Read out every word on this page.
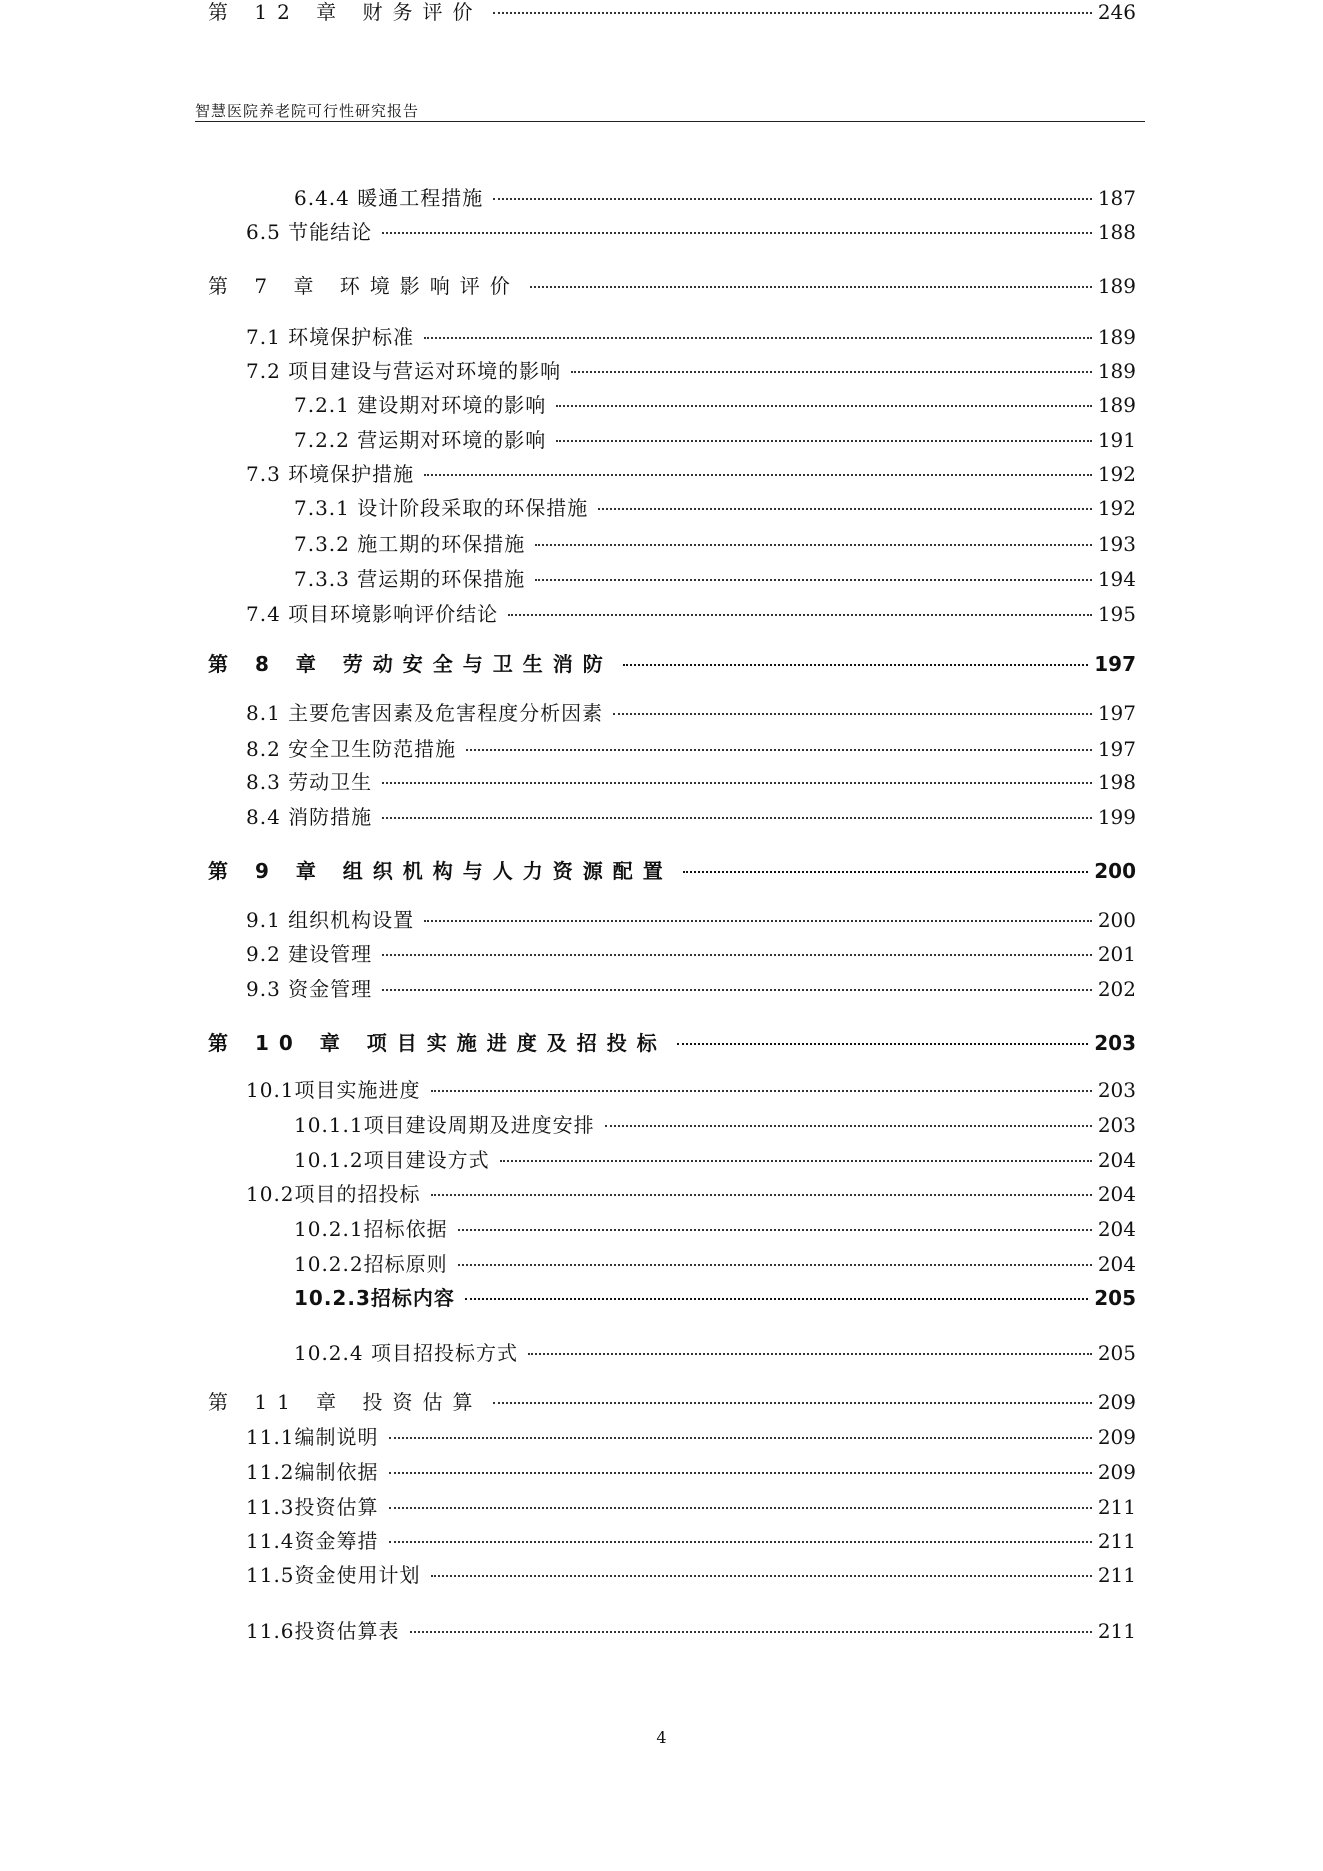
智慧医院养老院可行性研究报告
6.4.4 暖通工程措施	187
6.5 节能结论	188
第 7 章 环境影响评价	189
7.1 环境保护标准	189
7.2 项目建设与营运对环境的影响	189
7.2.1 建设期对环境的影响	189
7.2.2 营运期对环境的影响	191
7.3 环境保护措施	192
7.3.1 设计阶段采取的环保措施	192
7.3.2 施工期的环保措施	193
7.3.3 营运期的环保措施	194
7.4 项目环境影响评价结论	195
第 8 章 劳动安全与卫生消防	197
8.1 主要危害因素及危害程度分析因素	197
8.2 安全卫生防范措施	197
8.3 劳动卫生	198
8.4 消防措施	199
第 9 章 组织机构与人力资源配置	200
9.1 组织机构设置	200
9.2 建设管理	201
9.3 资金管理	202
第 10 章 项目实施进度及招投标	203
10.1项目实施进度	203
10.1.1项目建设周期及进度安排	203
10.1.2项目建设方式	204
10.2项目的招投标	204
10.2.1招标依据	204
10.2.2招标原则	204
10.2.3招标内容	205
10.2.4 项目招投标方式	205
第 11 章 投资估算	209
11.1编制说明	209
11.2编制依据	209
11.3投资估算	211
11.4资金筹措	211
11.5资金使用计划	211
11.6投资估算表	211
第 12 章 财务评价	246
4
